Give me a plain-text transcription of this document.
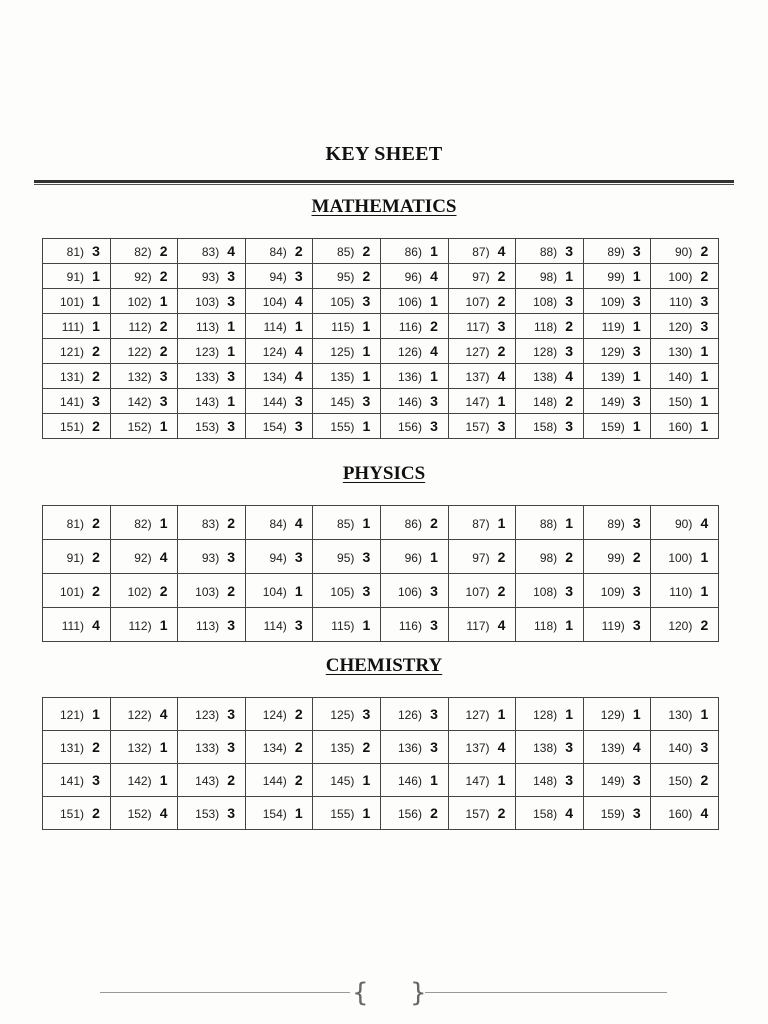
KEY SHEET
MATHEMATICS
81) 3	82) 2	83) 4	84) 2	85) 2	86) 1	87) 4	88) 3	89) 3	90) 2
91) 1	92) 2	93) 3	94) 3	95) 2	96) 4	97) 2	98) 1	99) 1	100) 2
101) 1	102) 1	103) 3	104) 4	105) 3	106) 1	107) 2	108) 3	109) 3	110) 3
111) 1	112) 2	113) 1	114) 1	115) 1	116) 2	117) 3	118) 2	119) 1	120) 3
121) 2	122) 2	123) 1	124) 4	125) 1	126) 4	127) 2	128) 3	129) 3	130) 1
131) 2	132) 3	133) 3	134) 4	135) 1	136) 1	137) 4	138) 4	139) 1	140) 1
141) 3	142) 3	143) 1	144) 3	145) 3	146) 3	147) 1	148) 2	149) 3	150) 1
151) 2	152) 1	153) 3	154) 3	155) 1	156) 3	157) 3	158) 3	159) 1	160) 1
PHYSICS
81) 2	82) 1	83) 2	84) 4	85) 1	86) 2	87) 1	88) 1	89) 3	90) 4
91) 2	92) 4	93) 3	94) 3	95) 3	96) 1	97) 2	98) 2	99) 2	100) 1
101) 2	102) 2	103) 2	104) 1	105) 3	106) 3	107) 2	108) 3	109) 3	110) 1
111) 4	112) 1	113) 3	114) 3	115) 1	116) 3	117) 4	118) 1	119) 3	120) 2
CHEMISTRY
121) 1	122) 4	123) 3	124) 2	125) 3	126) 3	127) 1	128) 1	129) 1	130) 1
131) 2	132) 1	133) 3	134) 2	135) 2	136) 3	137) 4	138) 3	139) 4	140) 3
141) 3	142) 1	143) 2	144) 2	145) 1	146) 1	147) 1	148) 3	149) 3	150) 2
151) 2	152) 4	153) 3	154) 1	155) 1	156) 2	157) 2	158) 4	159) 3	160) 4
{ }
